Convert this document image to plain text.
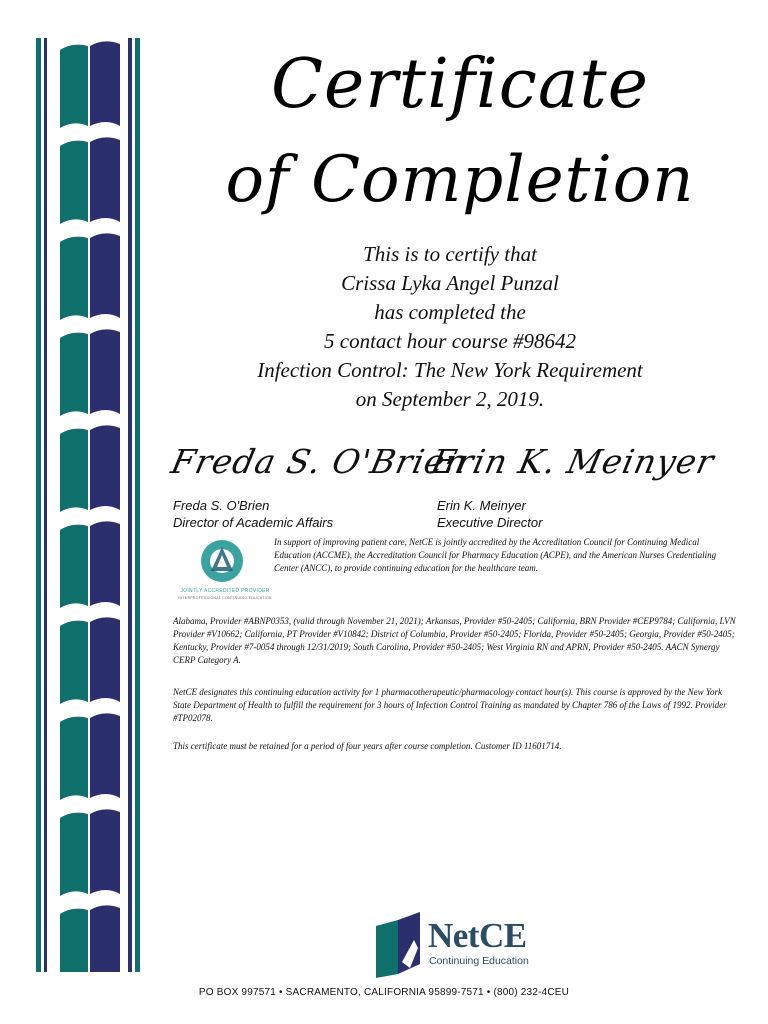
Certificate
of Completion
This is to certify that
Crissa Lyka Angel Punzal
has completed the
5 contact hour course #98642
Infection Control: The New York Requirement
on September 2, 2019.
Freda S. O'Brien
Erin K. Meinyer
Freda S. O'Brien
Director of Academic Affairs
Erin K. Meinyer
Executive Director
JOINTLY ACCREDITED PROVIDER
INTERPROFESSIONAL CONTINUING EDUCATION
In support of improving patient care, NetCE is jointly accredited by the Accreditation Council for Continuing Medical Education (ACCME), the Accreditation Council for Pharmacy Education (ACPE), and the American Nurses Credentialing Center (ANCC), to provide continuing education for the healthcare team.
Alabama, Provider #ABNP0353, (valid through November 21, 2021); Arkansas, Provider #50-2405; California, BRN Provider #CEP9784; California, LVN Provider #V10662; California, PT Provider #V10842; District of Columbia, Provider #50-2405; Florida, Provider #50-2405; Georgia, Provider #50-2405; Kentucky, Provider #7-0054 through 12/31/2019; South Carolina, Provider #50-2405; West Virginia RN and APRN, Provider #50-2405. AACN Synergy CERP Category A.
NetCE designates this continuing education activity for 1 pharmacotherapeutic/pharmacology contact hour(s). This course is approved by the New York State Department of Health to fulfill the requirement for 3 hours of Infection Control Training as mandated by Chapter 786 of the Laws of 1992. Provider #TP02078.
This certificate must be retained for a period of four years after course completion. Customer ID 11601714.
NetCE
Continuing Education
PO BOX 997571 • SACRAMENTO, CALIFORNIA 95899-7571 • (800) 232-4CEU
